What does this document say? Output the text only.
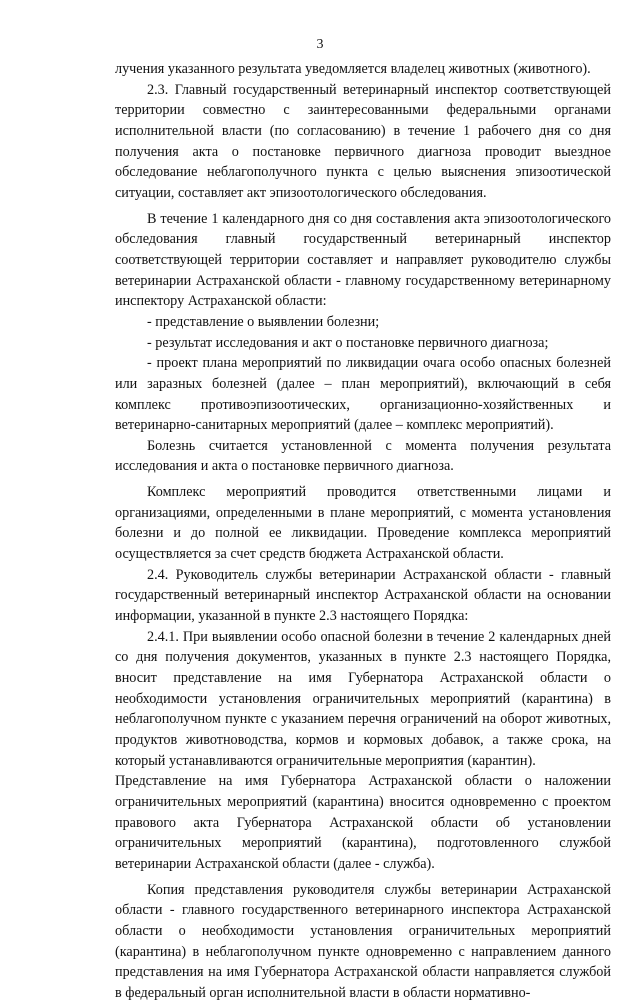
3

лучения указанного результата уведомляется владелец животных (животного).

2.3. Главный государственный ветеринарный инспектор соответствующей территории совместно с заинтересованными федеральными органами исполнительной власти (по согласованию) в течение 1 рабочего дня со дня получения акта о постановке первичного диагноза проводит выездное обследование неблагополучного пункта с целью выяснения эпизоотической ситуации, составляет акт эпизоотологического обследования.

В течение 1 календарного дня со дня составления акта эпизоотологического обследования главный государственный ветеринарный инспектор соответствующей территории составляет и направляет руководителю службы ветеринарии Астраханской области - главному государственному ветеринарному инспектору Астраханской области:

- представление о выявлении болезни;

- результат исследования и акт о постановке первичного диагноза;

- проект плана мероприятий по ликвидации очага особо опасных болезней или заразных болезней (далее – план мероприятий), включающий в себя комплекс противоэпизоотических, организационно-хозяйственных и ветеринарно-санитарных мероприятий (далее – комплекс мероприятий).

Болезнь считается установленной с момента получения результата исследования и акта о постановке первичного диагноза.

Комплекс мероприятий проводится ответственными лицами и организациями, определенными в плане мероприятий, с момента установления болезни и до полной ее ликвидации. Проведение комплекса мероприятий осуществляется за счет средств бюджета Астраханской области.

2.4. Руководитель службы ветеринарии Астраханской области - главный государственный ветеринарный инспектор Астраханской области на основании информации, указанной в пункте 2.3 настоящего Порядка:

2.4.1. При выявлении особо опасной болезни в течение 2 календарных дней со дня получения документов, указанных в пункте 2.3 настоящего Порядка, вносит представление на имя Губернатора Астраханской области о необходимости установления ограничительных мероприятий (карантина) в неблагополучном пункте с указанием перечня ограничений на оборот животных, продуктов животноводства, кормов и кормовых добавок, а также срока, на который устанавливаются ограничительные мероприятия (карантин).

Представление на имя Губернатора Астраханской области о наложении ограничительных мероприятий (карантина) вносится одновременно с проектом правового акта Губернатора Астраханской области об установлении ограничительных мероприятий (карантина), подготовленного службой ветеринарии Астраханской области (далее - служба).

Копия представления руководителя службы ветеринарии Астраханской области - главного государственного ветеринарного инспектора Астраханской области о необходимости установления ограничительных мероприятий (карантина) в неблагополучном пункте одновременно с направлением данного представления на имя Губернатора Астраханской области направляется службой в федеральный орган исполнительной власти в области нормативно-
